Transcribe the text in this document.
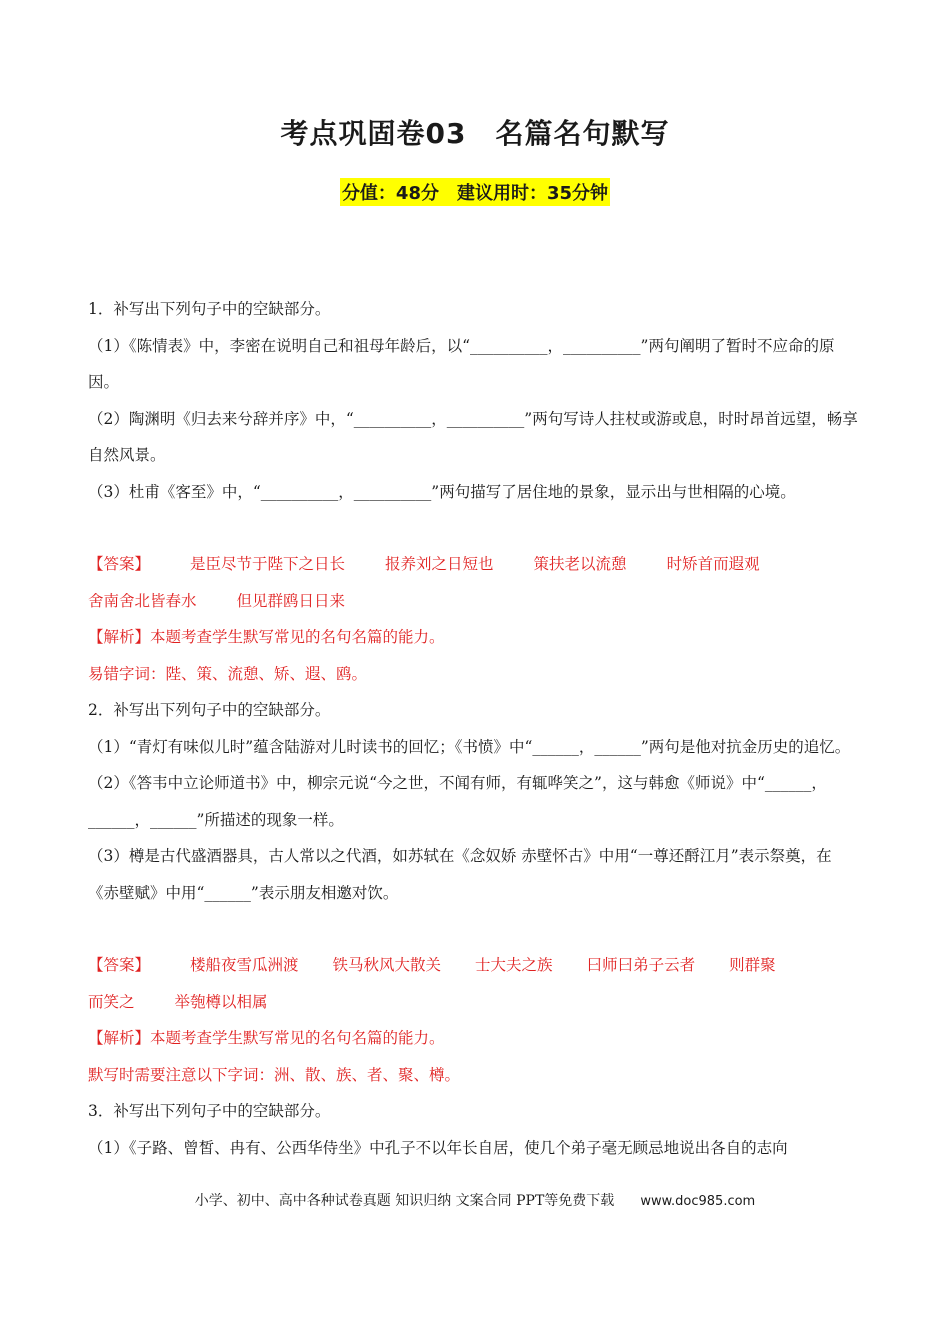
考点巩固卷03　名篇名句默写
分值：48分　建议用时：35分钟
1．补写出下列句子中的空缺部分。
（1）《陈情表》中，李密在说明自己和祖母年龄后，以“__________，__________”两句阐明了暂时不应命的原因。
（2）陶渊明《归去来兮辞并序》中，“__________，__________”两句写诗人拄杖或游或息，时时昂首远望，畅享自然风景。
（3）杜甫《客至》中，“__________，__________”两句描写了居住地的景象，显示出与世相隔的心境。
【答案】	是臣尽节于陛下之日长	报养刘之日短也	策扶老以流憩	时矫首而遐观
舍南舍北皆春水	但见群鸥日日来
【解析】本题考查学生默写常见的名句名篇的能力。
易错字词：陛、策、流憩、矫、遐、鸥。
2．补写出下列句子中的空缺部分。
（1）“青灯有味似儿时”蕴含陆游对儿时读书的回忆；《书愤》中“______，______”两句是他对抗金历史的追忆。
（2）《答韦中立论师道书》中，柳宗元说“今之世，不闻有师，有辄哗笑之”，这与韩愈《师说》中“______，______，______”所描述的现象一样。
（3）樽是古代盛酒器具，古人常以之代酒，如苏轼在《念奴娇 赤壁怀古》中用“一尊还酹江月”表示祭奠，在《赤壁赋》中用“______”表示朋友相邀对饮。
【答案】	楼船夜雪瓜洲渡 铁马秋风大散关 士大夫之族 曰师曰弟子云者 则群聚
而笑之	举匏樽以相属
【解析】本题考查学生默写常见的名句名篇的能力。
默写时需要注意以下字词：洲、散、族、者、聚、樽。
3．补写出下列句子中的空缺部分。
（1）《子路、曾皙、冉有、公西华侍坐》中孔子不以年长自居，使几个弟子毫无顾忌地说出各自的志向
小学、初中、高中各种试卷真题 知识归纳 文案合同 PPT等免费下载 www.doc985.com
